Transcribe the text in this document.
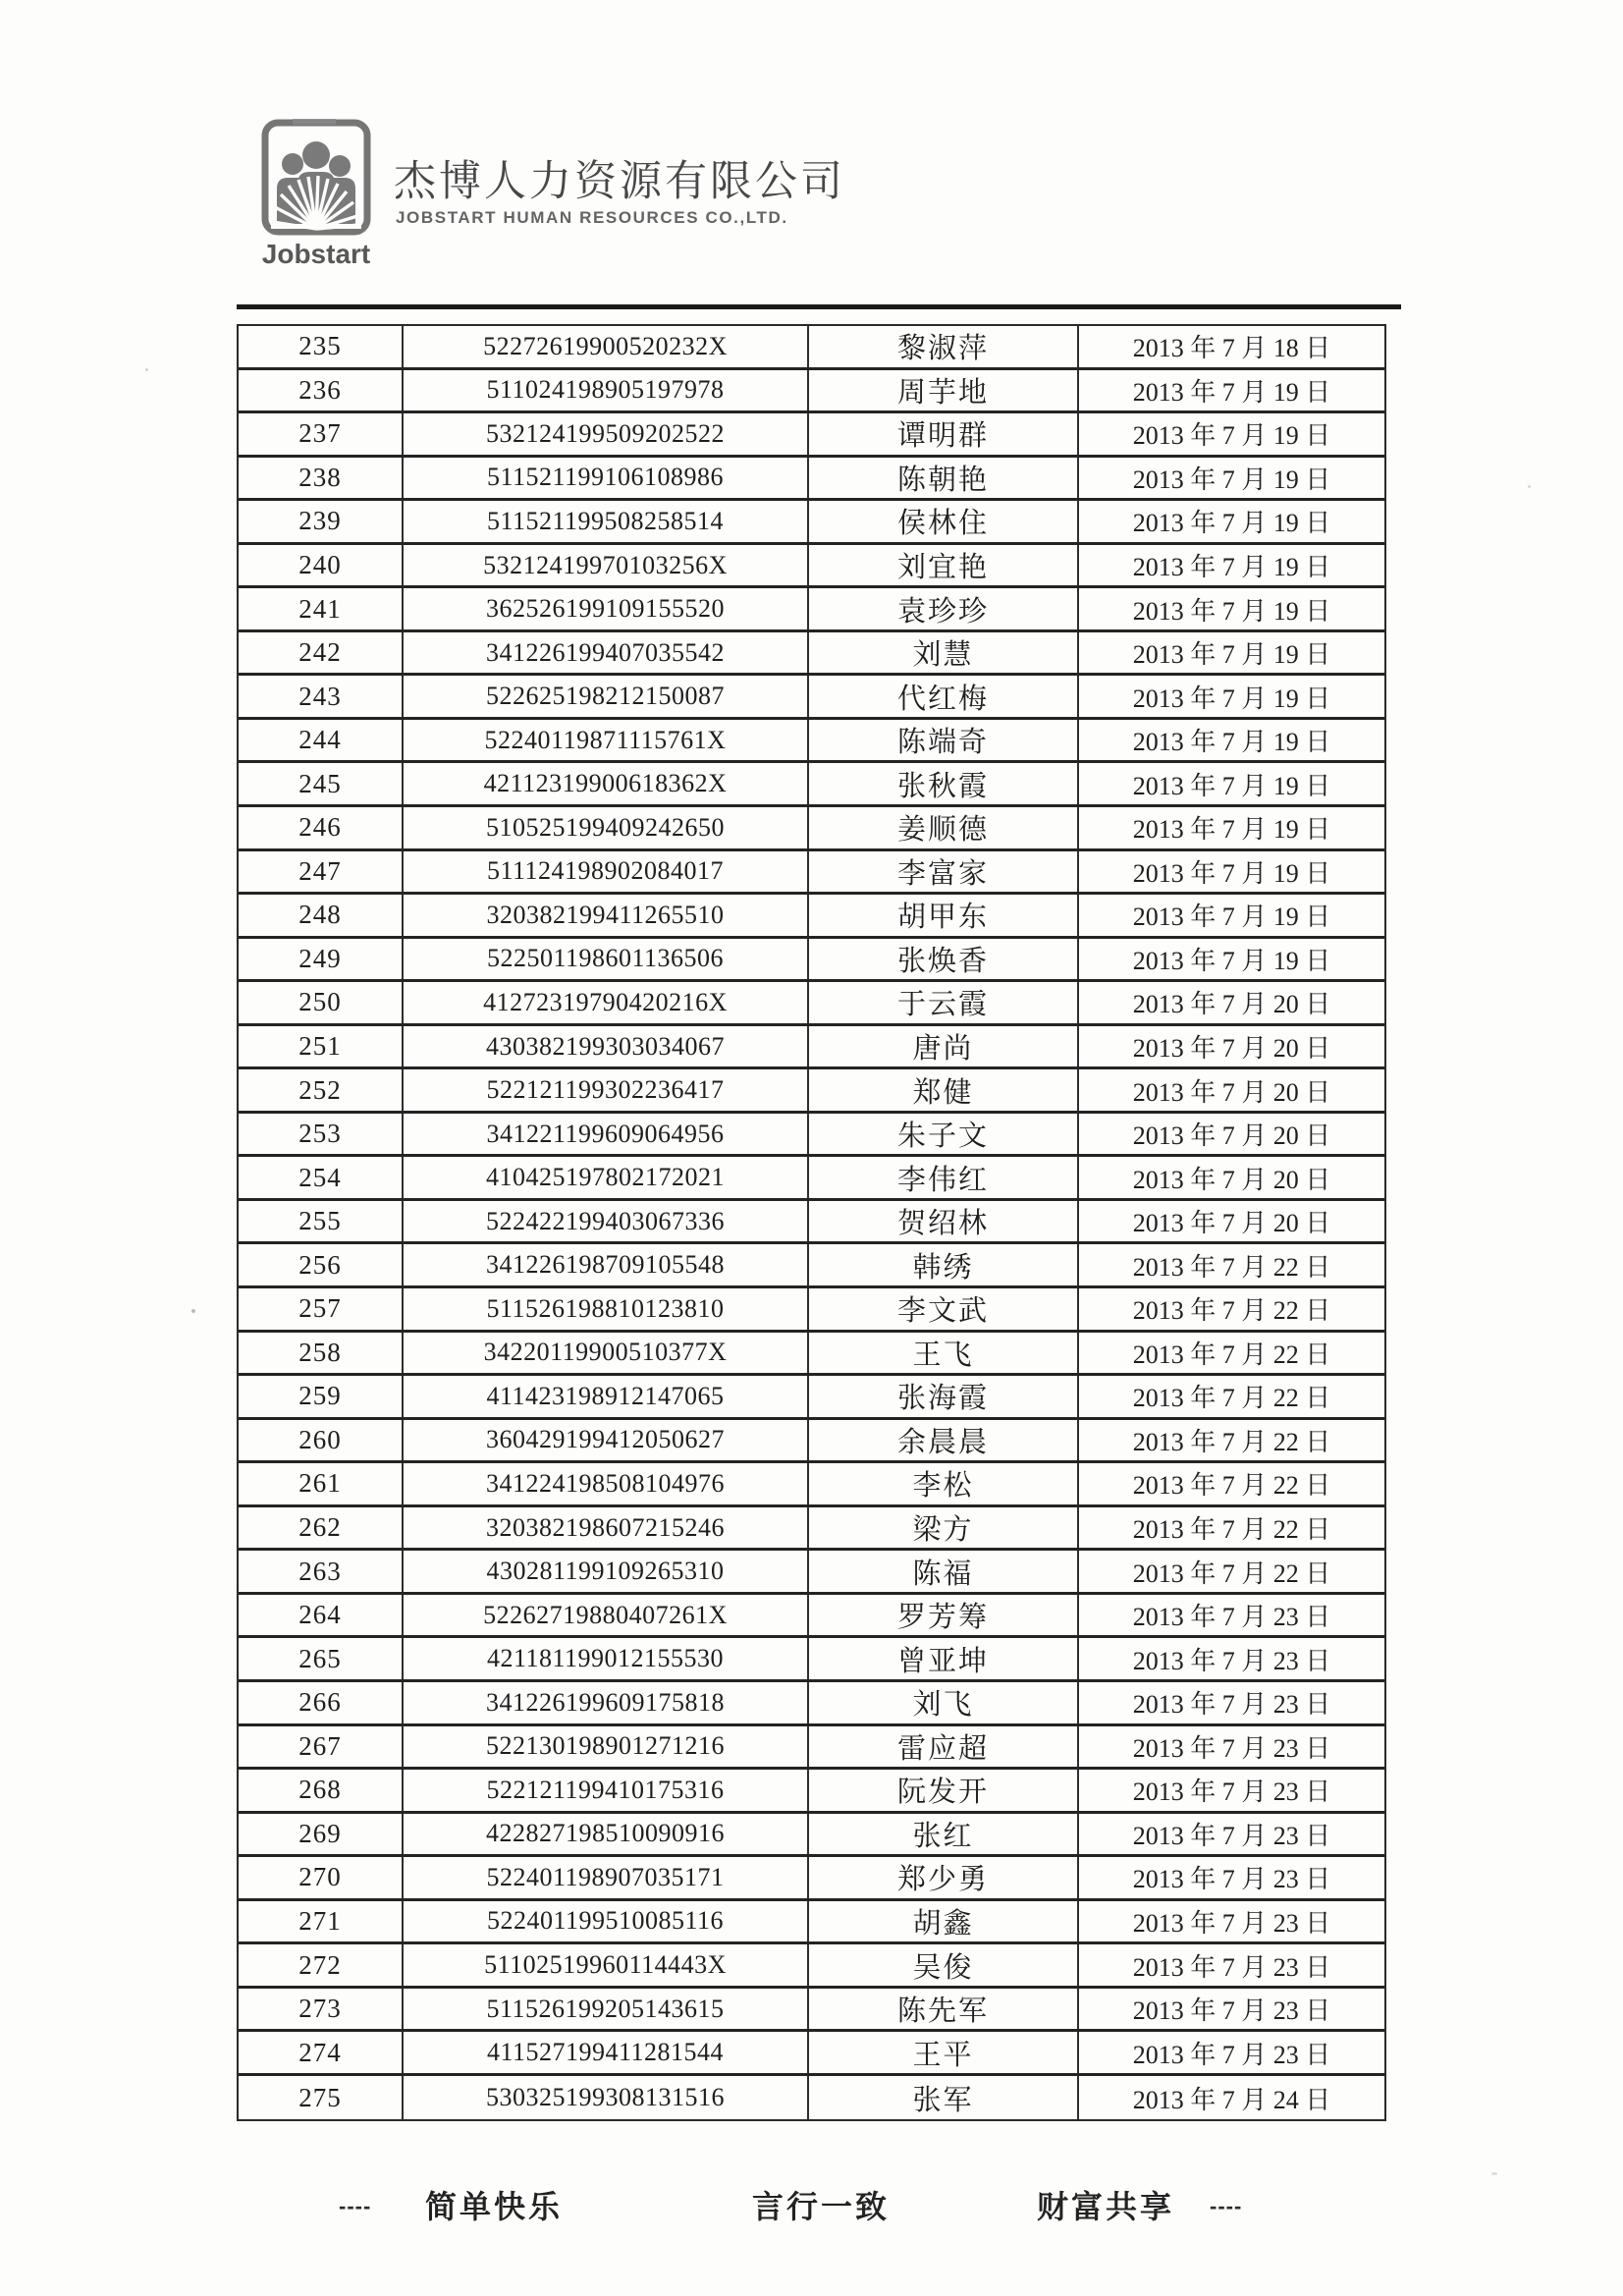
Jobstart
杰博人力资源有限公司
JOBSTART HUMAN RESOURCES CO.,LTD.
235	52272619900520232X	黎淑萍	2013 年 7 月 18 日
236	511024198905197978	周芋地	2013 年 7 月 19 日
237	532124199509202522	谭明群	2013 年 7 月 19 日
238	511521199106108986	陈朝艳	2013 年 7 月 19 日
239	511521199508258514	侯林住	2013 年 7 月 19 日
240	53212419970103256X	刘宜艳	2013 年 7 月 19 日
241	362526199109155520	袁珍珍	2013 年 7 月 19 日
242	341226199407035542	刘慧	2013 年 7 月 19 日
243	522625198212150087	代红梅	2013 年 7 月 19 日
244	52240119871115761X	陈端奇	2013 年 7 月 19 日
245	42112319900618362X	张秋霞	2013 年 7 月 19 日
246	510525199409242650	姜顺德	2013 年 7 月 19 日
247	511124198902084017	李富家	2013 年 7 月 19 日
248	320382199411265510	胡甲东	2013 年 7 月 19 日
249	522501198601136506	张焕香	2013 年 7 月 19 日
250	41272319790420216X	于云霞	2013 年 7 月 20 日
251	430382199303034067	唐尚	2013 年 7 月 20 日
252	522121199302236417	郑健	2013 年 7 月 20 日
253	341221199609064956	朱子文	2013 年 7 月 20 日
254	410425197802172021	李伟红	2013 年 7 月 20 日
255	522422199403067336	贺绍林	2013 年 7 月 20 日
256	341226198709105548	韩绣	2013 年 7 月 22 日
257	511526198810123810	李文武	2013 年 7 月 22 日
258	34220119900510377X	王飞	2013 年 7 月 22 日
259	411423198912147065	张海霞	2013 年 7 月 22 日
260	360429199412050627	余晨晨	2013 年 7 月 22 日
261	341224198508104976	李松	2013 年 7 月 22 日
262	320382198607215246	梁方	2013 年 7 月 22 日
263	430281199109265310	陈福	2013 年 7 月 22 日
264	52262719880407261X	罗芳筹	2013 年 7 月 23 日
265	421181199012155530	曾亚坤	2013 年 7 月 23 日
266	341226199609175818	刘飞	2013 年 7 月 23 日
267	522130198901271216	雷应超	2013 年 7 月 23 日
268	522121199410175316	阮发开	2013 年 7 月 23 日
269	422827198510090916	张红	2013 年 7 月 23 日
270	522401198907035171	郑少勇	2013 年 7 月 23 日
271	522401199510085116	胡鑫	2013 年 7 月 23 日
272	51102519960114443X	吴俊	2013 年 7 月 23 日
273	511526199205143615	陈先军	2013 年 7 月 23 日
274	411527199411281544	王平	2013 年 7 月 23 日
275	530325199308131516	张军	2013 年 7 月 24 日
---- 简单快乐	言行一致	财富共享 ----
